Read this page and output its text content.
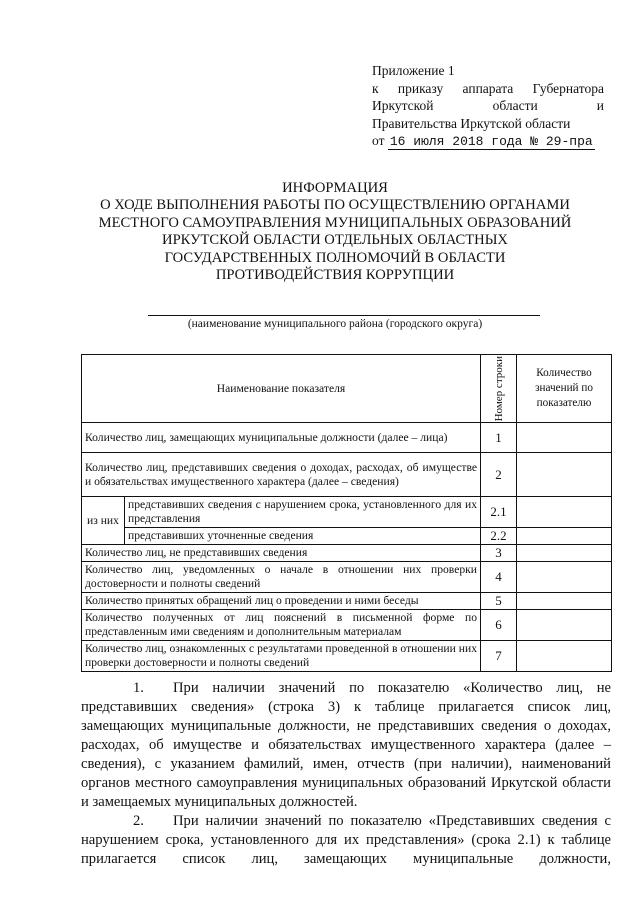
Приложение 1
к приказу аппарата Губернатора
Иркутской	области	и
Правительства Иркутской области
от 16 июля 2018 года № 29-пра
ИНФОРМАЦИЯ
О ХОДЕ ВЫПОЛНЕНИЯ РАБОТЫ ПО ОСУЩЕСТВЛЕНИЮ ОРГАНАМИ
МЕСТНОГО САМОУПРАВЛЕНИЯ МУНИЦИПАЛЬНЫХ ОБРАЗОВАНИЙ
ИРКУТСКОЙ ОБЛАСТИ ОТДЕЛЬНЫХ ОБЛАСТНЫХ
ГОСУДАРСТВЕННЫХ ПОЛНОМОЧИЙ В ОБЛАСТИ
ПРОТИВОДЕЙСТВИЯ КОРРУПЦИИ
(наименование муниципального района (городского округа)
Наименование показателя		Номер строки	Количество значений по показателю
Количество лиц, замещающих муниципальные должности (далее – лица)		1	
Количество лиц, представивших сведения о доходах, расходах, об имуществе и обязательствах имущественного характера (далее – сведения)		2	
из них	представивших сведения с нарушением срока, установленного для их представления	2.1	
	представивших уточненные сведения	2.2	
Количество лиц, не представивших сведения		3	
Количество лиц, уведомленных о начале в отношении них проверки достоверности и полноты сведений		4	
Количество принятых обращений лиц о проведении и ними беседы		5	
Количество полученных от лиц пояснений в письменной форме по представленным ими сведениям и дополнительным материалам		6	
Количество лиц, ознакомленных с результатами проведенной в отношении них проверки достоверности и полноты сведений		7	

1. При наличии значений по показателю «Количество лиц, не представивших сведения» (строка 3) к таблице прилагается список лиц, замещающих муниципальные должности, не представивших сведения о доходах, расходах, об имуществе и обязательствах имущественного характера (далее – сведения), с указанием фамилий, имен, отчеств (при наличии), наименований органов местного самоуправления муниципальных образований Иркутской области и замещаемых муниципальных должностей.

2. При наличии значений по показателю «Представивших сведения с нарушением срока, установленного для их представления» (срока 2.1) к таблице прилагается список лиц, замещающих муниципальные должности,
